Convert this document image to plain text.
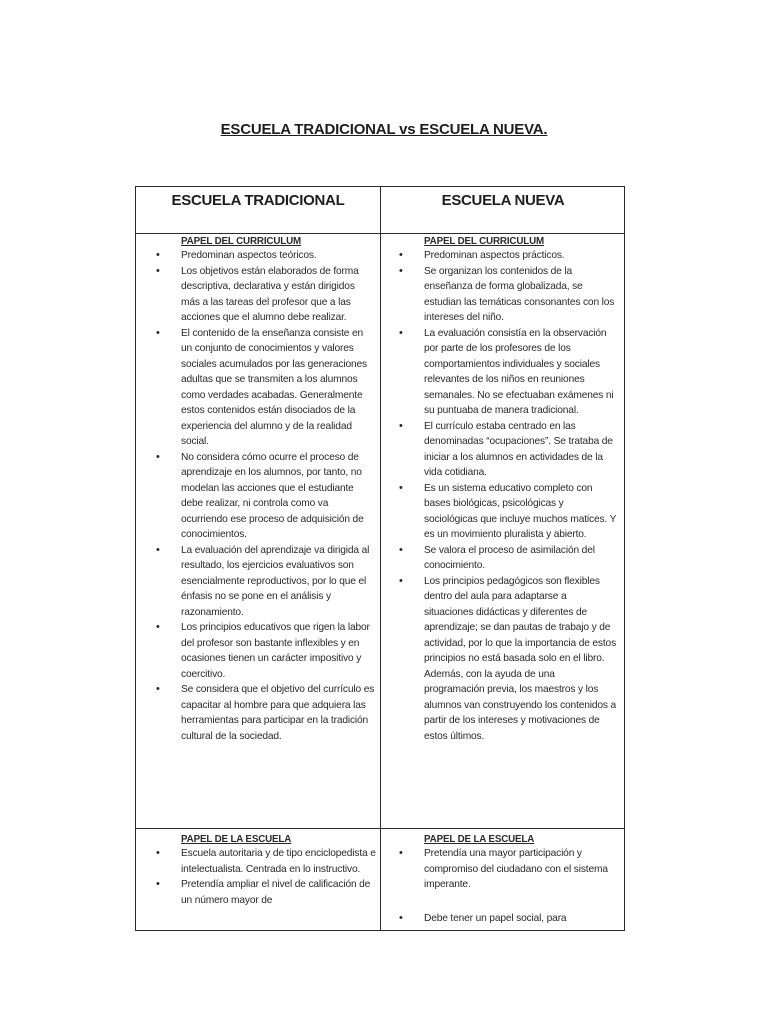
ESCUELA TRADICIONAL vs ESCUELA NUEVA.
ESCUELA TRADICIONAL	ESCUELA NUEVA
PAPEL DEL CURRICULUM
• Predominan aspectos teóricos.
• Los objetivos están elaborados de forma descriptiva, declarativa y están dirigidos más a las tareas del profesor que a las acciones que el alumno debe realizar.
• El contenido de la enseñanza consiste en un conjunto de conocimientos y valores sociales acumulados por las generaciones adultas que se transmiten a los alumnos como verdades acabadas. Generalmente estos contenidos están disociados de la experiencia del alumno y de la realidad social.
• No considera cómo ocurre el proceso de aprendizaje en los alumnos, por tanto, no modelan las acciones que el estudiante debe realizar, ni controla como va ocurriendo ese proceso de adquisición de conocimientos.
• La evaluación del aprendizaje va dirigida al resultado, los ejercicios evaluativos son esencialmente reproductivos, por lo que el énfasis no se pone en el análisis y razonamiento.
• Los principios educativos que rigen la labor del profesor son bastante inflexibles y en ocasiones tienen un carácter impositivo y coercitivo.
• Se considera que el objetivo del currículo es capacitar al hombre para que adquiera las herramientas para participar en la tradición cultural de la sociedad.
PAPEL DEL CURRICULUM
• Predominan aspectos prácticos.
• Se organizan los contenidos de la enseñanza de forma globalizada, se estudian las temáticas consonantes con los intereses del niño.
• La evaluación consistía en la observación por parte de los profesores de los comportamientos individuales y sociales relevantes de los niños en reuniones semanales. No se efectuaban exámenes ni su puntuaba de manera tradicional.
• El currículo estaba centrado en las denominadas “ocupaciones”. Se trataba de iniciar a los alumnos en actividades de la vida cotidiana.
• Es un sistema educativo completo con bases biológicas, psicológicas y sociológicas que incluye muchos matices. Y es un movimiento pluralista y abierto.
• Se valora el proceso de asimilación del conocimiento.
• Los principios pedagógicos son flexibles dentro del aula para adaptarse a situaciones didácticas y diferentes de aprendizaje; se dan pautas de trabajo y de actividad, por lo que la importancia de estos principios no está basada solo en el libro. Además, con la ayuda de una programación previa, los maestros y los alumnos van construyendo los contenidos a partir de los intereses y motivaciones de estos últimos.
PAPEL DE LA ESCUELA
• Escuela autoritaria y de tipo enciclopedista e intelectualista. Centrada en lo instructivo.
• Pretendía ampliar el nivel de calificación de un número mayor de
PAPEL DE LA ESCUELA
• Pretendía una mayor participación y compromiso del ciudadano con el sistema imperante.
• Debe tener un papel social, para
